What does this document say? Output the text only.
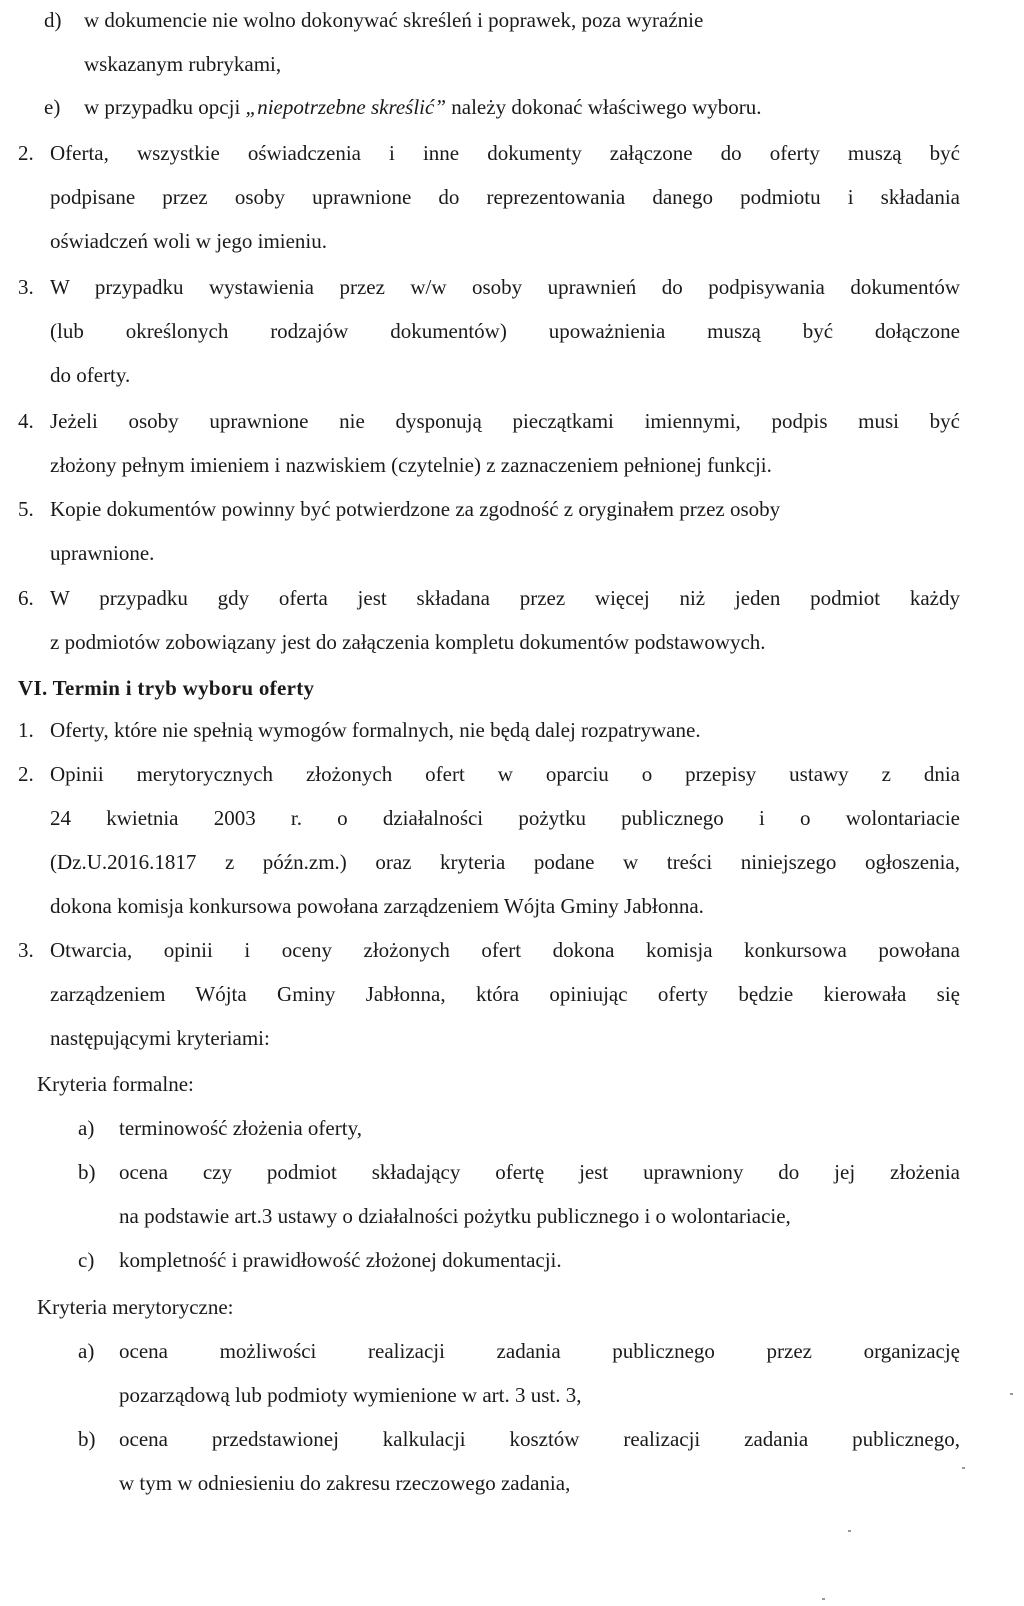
d)	w dokumencie nie wolno dokonywać skreśleń i poprawek, poza wyraźnie
wskazanym rubrykami,
e)	w przypadku opcji „niepotrzebne skreślić” należy dokonać właściwego wyboru.
2. Oferta, wszystkie oświadczenia i inne dokumenty załączone do oferty muszą być
podpisane przez osoby uprawnione do reprezentowania danego podmiotu i składania
oświadczeń woli w jego imieniu.
3. W przypadku wystawienia przez w/w osoby uprawnień do podpisywania dokumentów
(lub określonych rodzajów dokumentów) upoważnienia muszą być dołączone
do oferty.
4. Jeżeli osoby uprawnione nie dysponują pieczątkami imiennymi, podpis musi być
złożony pełnym imieniem i nazwiskiem (czytelnie) z zaznaczeniem pełnionej funkcji.
5. Kopie dokumentów powinny być potwierdzone za zgodność z oryginałem przez osoby
uprawnione.
6. W przypadku gdy oferta jest składana przez więcej niż jeden podmiot każdy
z podmiotów zobowiązany jest do załączenia kompletu dokumentów podstawowych.
VI. Termin i tryb wyboru oferty
1. Oferty, które nie spełnią wymogów formalnych, nie będą dalej rozpatrywane.
2. Opinii merytorycznych złożonych ofert w oparciu o przepisy ustawy z dnia
24 kwietnia 2003 r. o działalności pożytku publicznego i o wolontariacie
(Dz.U.2016.1817 z późn.zm.) oraz kryteria podane w treści niniejszego ogłoszenia,
dokona komisja konkursowa powołana zarządzeniem Wójta Gminy Jabłonna.
3. Otwarcia, opinii i oceny złożonych ofert dokona komisja konkursowa powołana
zarządzeniem Wójta Gminy Jabłonna, która opiniując oferty będzie kierowała się
następującymi kryteriami:
Kryteria formalne:
a)	terminowość złożenia oferty,
b)	ocena czy podmiot składający ofertę jest uprawniony do jej złożenia
na podstawie art.3 ustawy o działalności pożytku publicznego i o wolontariacie,
c)	kompletność i prawidłowość złożonej dokumentacji.
Kryteria merytoryczne:
a)	ocena możliwości realizacji zadania publicznego przez organizację
pozarządową lub podmioty wymienione w art. 3 ust. 3,
b)	ocena przedstawionej kalkulacji kosztów realizacji zadania publicznego,
w tym w odniesieniu do zakresu rzeczowego zadania,
